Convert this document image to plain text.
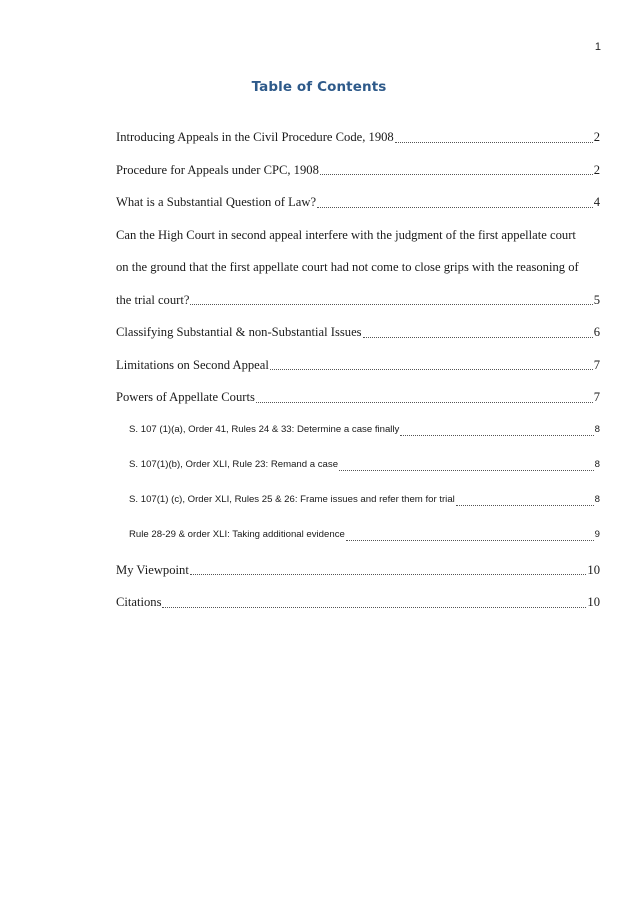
1
Table of Contents
Introducing Appeals in the Civil Procedure Code, 1908	2
Procedure for Appeals under CPC, 1908	2
What is a Substantial Question of Law?	4
Can the High Court in second appeal interfere with the judgment of the first appellate court
on the ground that the first appellate court had not come to close grips with the reasoning of
the trial court?	5
Classifying Substantial & non-Substantial Issues	6
Limitations on Second Appeal	7
Powers of Appellate Courts	7
S. 107 (1)(a), Order 41, Rules 24 & 33: Determine a case finally	8
S. 107(1)(b), Order XLI, Rule 23: Remand a case	8
S. 107(1) (c), Order XLI, Rules 25 & 26: Frame issues and refer them for trial	8
Rule 28-29 & order XLI: Taking additional evidence	9
My Viewpoint	10
Citations	10
